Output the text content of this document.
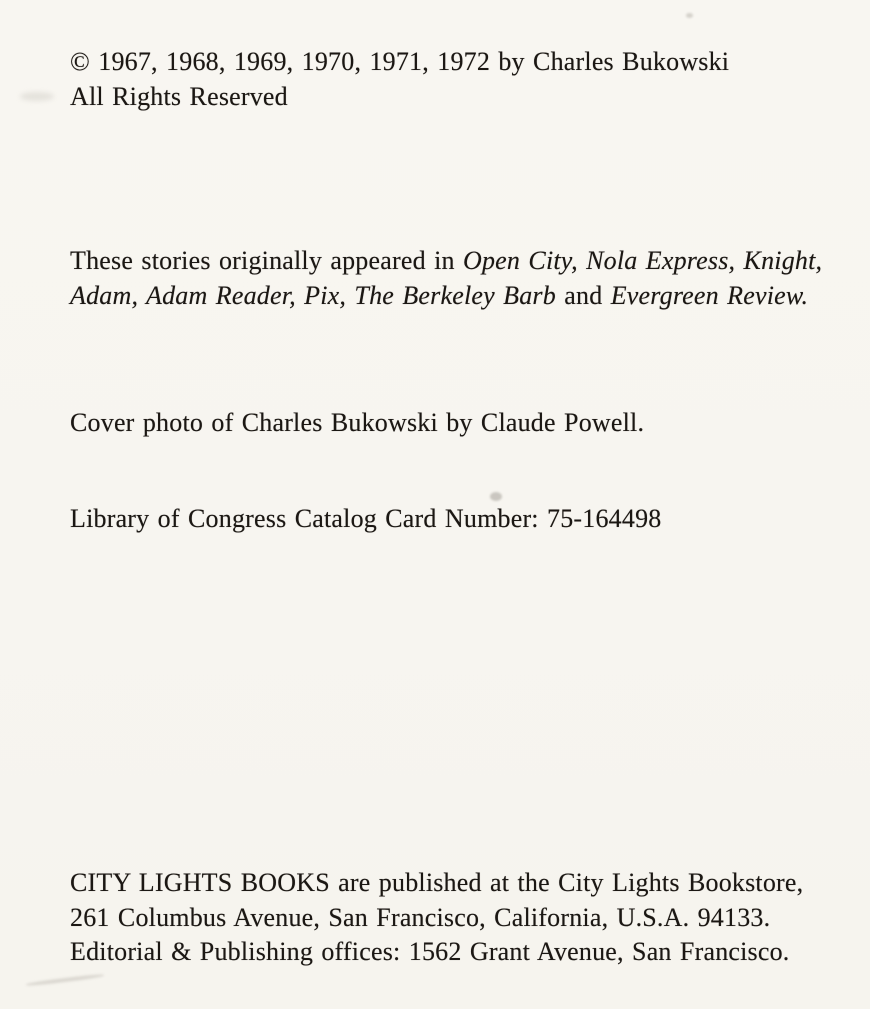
© 1967, 1968, 1969, 1970, 1971, 1972 by Charles Bukowski

All Rights Reserved

These stories originally appeared in Open City, Nola Express, Knight,

Adam, Adam Reader, Pix, The Berkeley Barb and Evergreen Review.

Cover photo of Charles Bukowski by Claude Powell.

Library of Congress Catalog Card Number: 75-164498

CITY LIGHTS BOOKS are published at the City Lights Bookstore,

261 Columbus Avenue, San Francisco, California, U.S.A. 94133.

Editorial & Publishing offices: 1562 Grant Avenue, San Francisco.
